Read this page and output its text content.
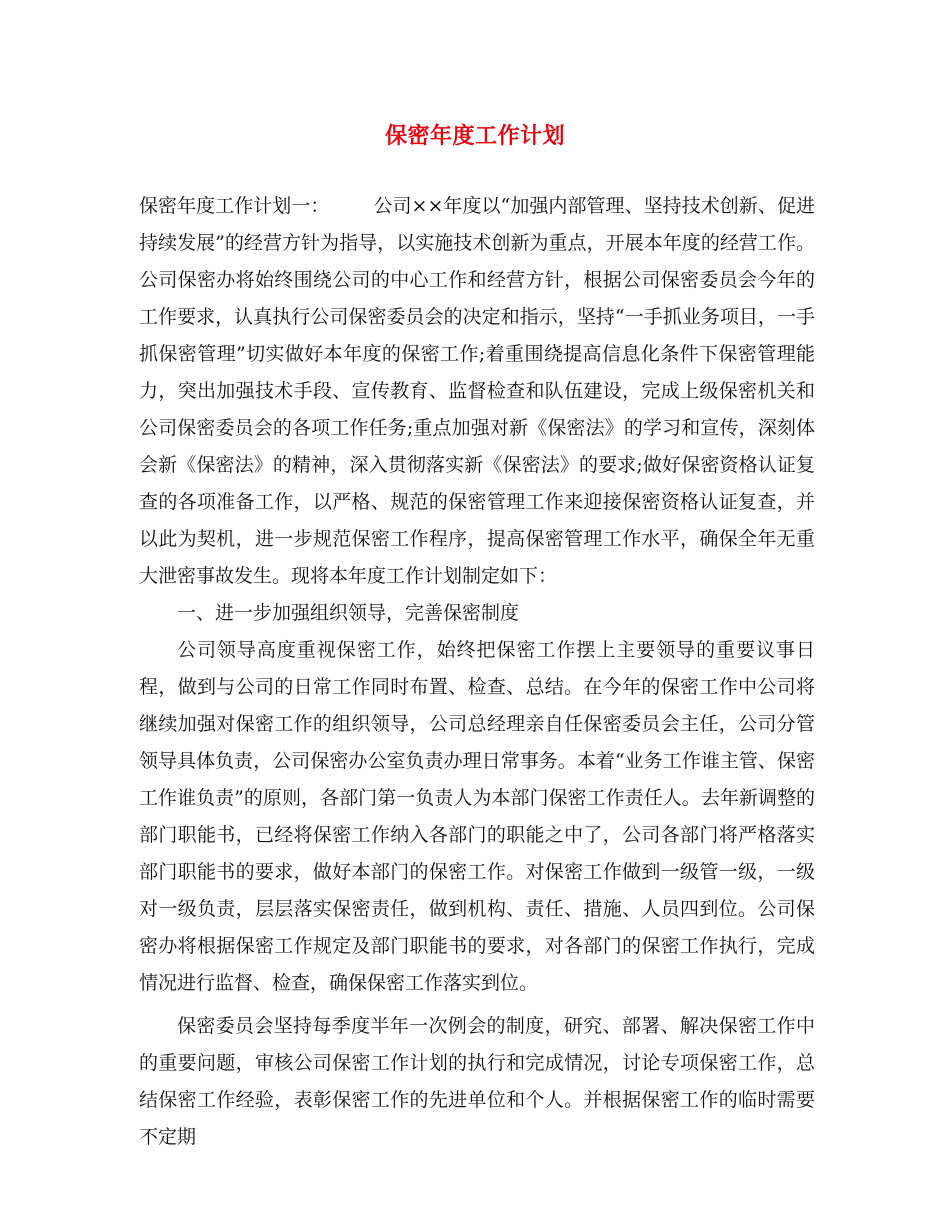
保密年度工作计划

保密年度工作计划一： 公司××年度以“加强内部管理、坚持技术创新、促进持续发展”的经营方针为指导，以实施技术创新为重点，开展本年度的经营工作。公司保密办将始终围绕公司的中心工作和经营方针，根据公司保密委员会今年的工作要求，认真执行公司保密委员会的决定和指示，坚持“一手抓业务项目，一手抓保密管理”切实做好本年度的保密工作;着重围绕提高信息化条件下保密管理能力，突出加强技术手段、宣传教育、监督检查和队伍建设，完成上级保密机关和公司保密委员会的各项工作任务;重点加强对新《保密法》的学习和宣传，深刻体会新《保密法》的精神，深入贯彻落实新《保密法》的要求;做好保密资格认证复查的各项准备工作，以严格、规范的保密管理工作来迎接保密资格认证复查，并以此为契机，进一步规范保密工作程序，提高保密管理工作水平，确保全年无重大泄密事故发生。现将本年度工作计划制定如下：

一、进一步加强组织领导，完善保密制度

公司领导高度重视保密工作，始终把保密工作摆上主要领导的重要议事日程，做到与公司的日常工作同时布置、检查、总结。在今年的保密工作中公司将继续加强对保密工作的组织领导，公司总经理亲自任保密委员会主任，公司分管领导具体负责，公司保密办公室负责办理日常事务。本着“业务工作谁主管、保密工作谁负责”的原则，各部门第一负责人为本部门保密工作责任人。去年新调整的部门职能书，已经将保密工作纳入各部门的职能之中了，公司各部门将严格落实部门职能书的要求，做好本部门的保密工作。对保密工作做到一级管一级，一级对一级负责，层层落实保密责任，做到机构、责任、措施、人员四到位。公司保密办将根据保密工作规定及部门职能书的要求，对各部门的保密工作执行，完成情况进行监督、检查，确保保密工作落实到位。

保密委员会坚持每季度半年一次例会的制度，研究、部署、解决保密工作中的重要问题，审核公司保密工作计划的执行和完成情况，讨论专项保密工作，总结保密工作经验，表彰保密工作的先进单位和个人。并根据保密工作的临时需要不定期
